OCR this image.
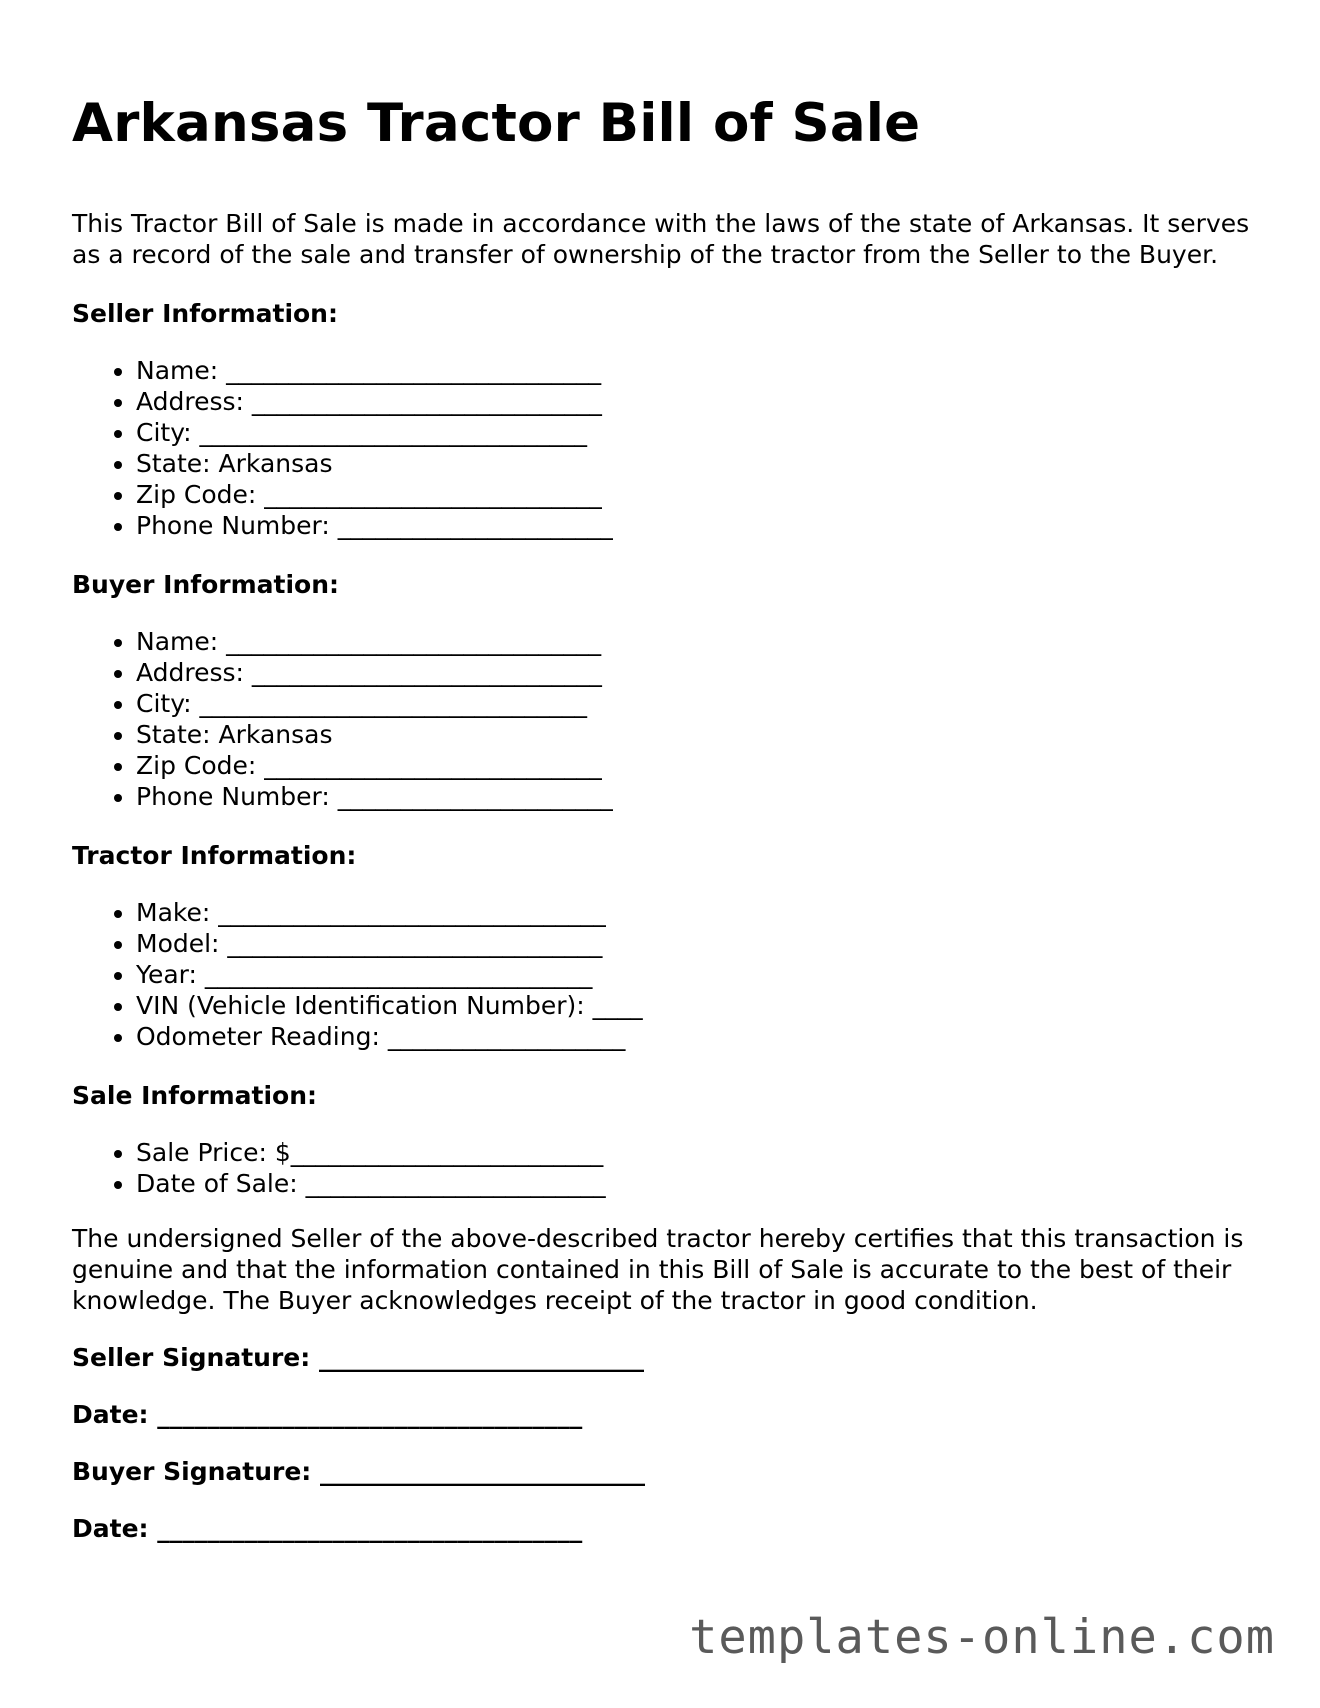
Arkansas Tractor Bill of Sale

This Tractor Bill of Sale is made in accordance with the laws of the state of Arkansas. It serves as a record of the sale and transfer of ownership of the tractor from the Seller to the Buyer.

Seller Information:
• Name: ______________________________
• Address: ____________________________
• City: _______________________________
• State: Arkansas
• Zip Code: ___________________________
• Phone Number: ______________________
Buyer Information:
• Name: ______________________________
• Address: ____________________________
• City: _______________________________
• State: Arkansas
• Zip Code: ___________________________
• Phone Number: ______________________
Tractor Information:
• Make: _______________________________
• Model: ______________________________
• Year: _______________________________
• VIN (Vehicle Identification Number): ____
• Odometer Reading: ___________________
Sale Information:
• Sale Price: $_________________________
• Date of Sale: ________________________

The undersigned Seller of the above-described tractor hereby certifies that this transaction is genuine and that the information contained in this Bill of Sale is accurate to the best of their knowledge. The Buyer acknowledges receipt of the tractor in good condition.

Seller Signature: __________________________
Date: __________________________________
Buyer Signature: __________________________
Date: __________________________________
templates-online.com
